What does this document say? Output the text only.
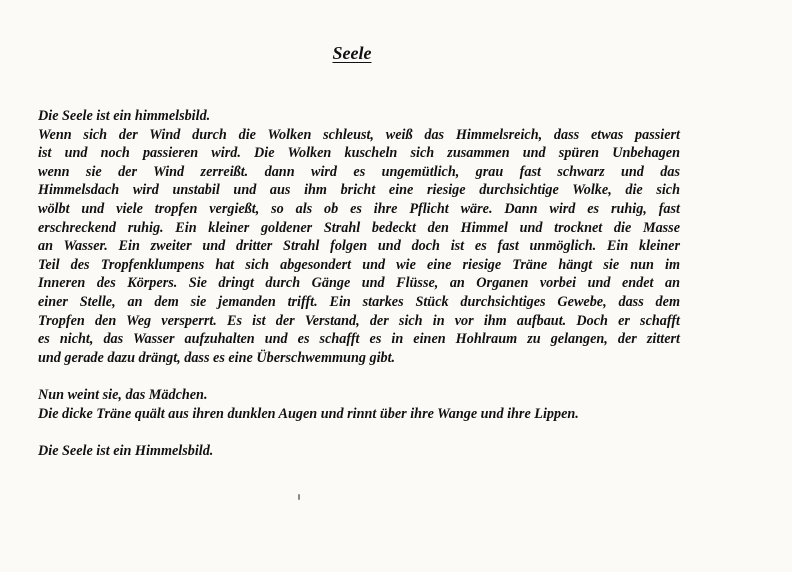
Seele
Die Seele ist ein himmelsbild.
Wenn sich der Wind durch die Wolken schleust, weiß das Himmelsreich, dass etwas passiert
ist und noch passieren wird. Die Wolken kuscheln sich zusammen und spüren Unbehagen
wenn sie der Wind zerreißt. dann wird es ungemütlich, grau fast schwarz und das
Himmelsdach wird unstabil und aus ihm bricht eine riesige durchsichtige Wolke, die sich
wölbt und viele tropfen vergießt, so als ob es ihre Pflicht wäre. Dann wird es ruhig, fast
erschreckend ruhig. Ein kleiner goldener Strahl bedeckt den Himmel und trocknet die Masse
an Wasser. Ein zweiter und dritter Strahl folgen und doch ist es fast unmöglich. Ein kleiner
Teil des Tropfenklumpens hat sich abgesondert und wie eine riesige Träne hängt sie nun im
Inneren des Körpers. Sie dringt durch Gänge und Flüsse, an Organen vorbei und endet an
einer Stelle, an dem sie jemanden trifft. Ein starkes Stück durchsichtiges Gewebe, dass dem
Tropfen den Weg versperrt. Es ist der Verstand, der sich in vor ihm aufbaut. Doch er schafft
es nicht, das Wasser aufzuhalten und es schafft es in einen Hohlraum zu gelangen, der zittert
und gerade dazu drängt, dass es eine Überschwemmung gibt.
Nun weint sie, das Mädchen.
Die dicke Träne quält aus ihren dunklen Augen und rinnt über ihre Wange und ihre Lippen.
Die Seele ist ein Himmelsbild.
